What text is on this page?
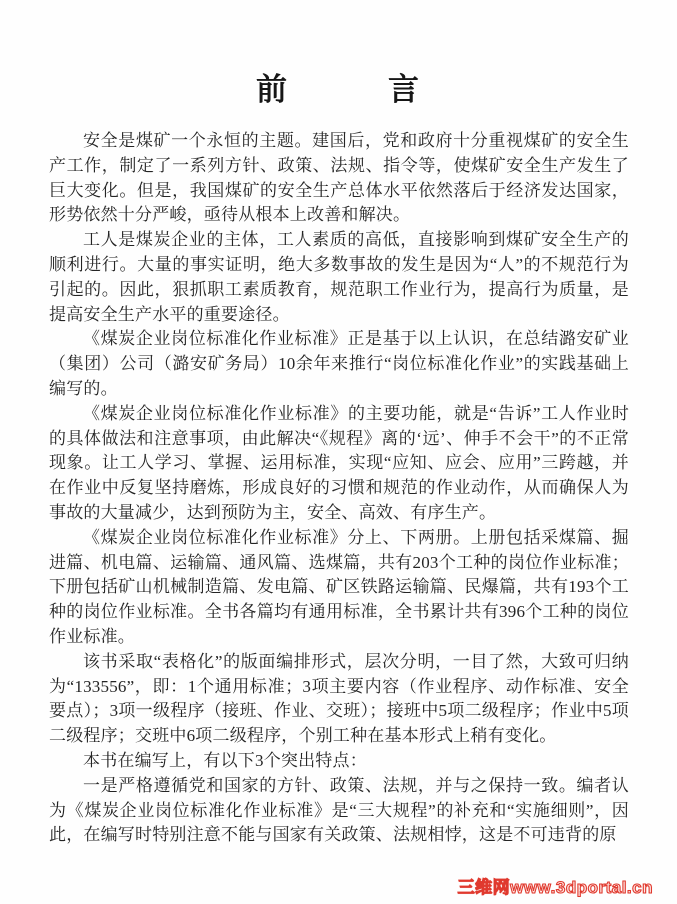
前　　　言

安全是煤矿一个永恒的主题。建国后，党和政府十分重视煤矿的安全生产工作，制定了一系列方针、政策、法规、指令等，使煤矿安全生产发生了巨大变化。但是，我国煤矿的安全生产总体水平依然落后于经济发达国家，形势依然十分严峻，亟待从根本上改善和解决。

工人是煤炭企业的主体，工人素质的高低，直接影响到煤矿安全生产的顺利进行。大量的事实证明，绝大多数事故的发生是因为“人”的不规范行为引起的。因此，狠抓职工素质教育，规范职工作业行为，提高行为质量，是提高安全生产水平的重要途径。

《煤炭企业岗位标准化作业标准》正是基于以上认识，在总结潞安矿业（集团）公司（潞安矿务局）10余年来推行“岗位标准化作业”的实践基础上编写的。

《煤炭企业岗位标准化作业标准》的主要功能，就是“告诉”工人作业时的具体做法和注意事项，由此解决“《规程》离的‘远’、伸手不会干”的不正常现象。让工人学习、掌握、运用标准，实现“应知、应会、应用”三跨越，并在作业中反复坚持磨炼，形成良好的习惯和规范的作业动作，从而确保人为事故的大量减少，达到预防为主，安全、高效、有序生产。

《煤炭企业岗位标准化作业标准》分上、下两册。上册包括采煤篇、掘进篇、机电篇、运输篇、通风篇、选煤篇，共有203个工种的岗位作业标准；下册包括矿山机械制造篇、发电篇、矿区铁路运输篇、民爆篇，共有193个工种的岗位作业标准。全书各篇均有通用标准，全书累计共有396个工种的岗位作业标准。

该书采取“表格化”的版面编排形式，层次分明，一目了然，大致可归纳为“133556”，即：1个通用标准；3项主要内容（作业程序、动作标准、安全要点）；3项一级程序（接班、作业、交班）；接班中5项二级程序；作业中5项二级程序；交班中6项二级程序，个别工种在基本形式上稍有变化。

本书在编写上，有以下3个突出特点：

一是严格遵循党和国家的方针、政策、法规，并与之保持一致。编者认为《煤炭企业岗位标准化作业标准》是“三大规程”的补充和“实施细则”，因此，在编写时特别注意不能与国家有关政策、法规相悖，这是不可违背的原

三维网www.3dportal.cn
